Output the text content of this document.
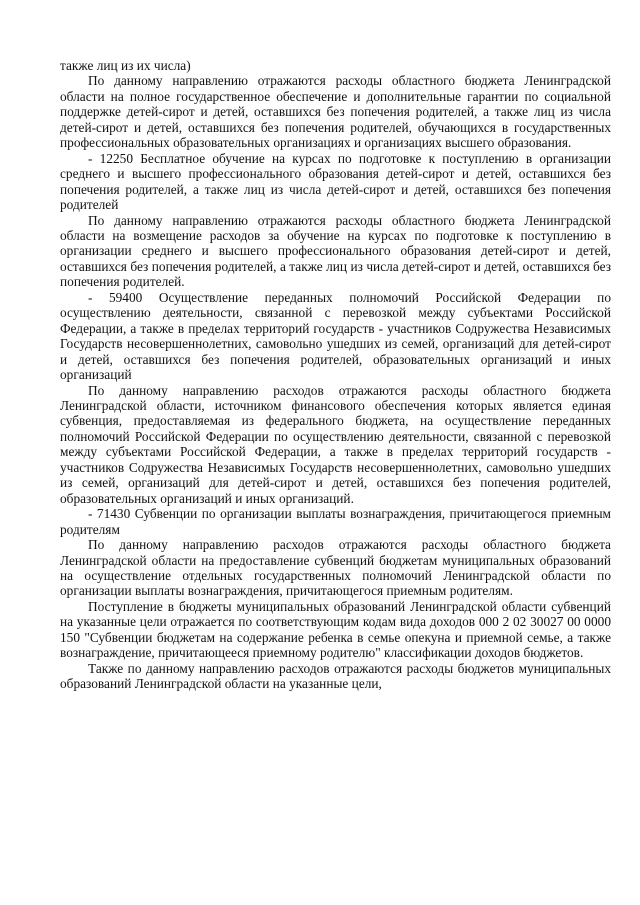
также лиц из их числа)

По данному направлению отражаются расходы областного бюджета Ленинградской области на полное государственное обеспечение и дополнительные гарантии по социальной поддержке детей-сирот и детей, оставшихся без попечения родителей, а также лиц из числа детей-сирот и детей, оставшихся без попечения родителей, обучающихся в государственных профессиональных образовательных организациях и организациях высшего образования.

- 12250 Бесплатное обучение на курсах по подготовке к поступлению в организации среднего и высшего профессионального образования детей-сирот и детей, оставшихся без попечения родителей, а также лиц из числа детей-сирот и детей, оставшихся без попечения родителей

По данному направлению отражаются расходы областного бюджета Ленинградской области на возмещение расходов за обучение на курсах по подготовке к поступлению в организации среднего и высшего профессионального образования детей-сирот и детей, оставшихся без попечения родителей, а также лиц из числа детей-сирот и детей, оставшихся без попечения родителей.

- 59400 Осуществление переданных полномочий Российской Федерации по осуществлению деятельности, связанной с перевозкой между субъектами Российской Федерации, а также в пределах территорий государств - участников Содружества Независимых Государств несовершеннолетних, самовольно ушедших из семей, организаций для детей-сирот и детей, оставшихся без попечения родителей, образовательных организаций и иных организаций

По данному направлению расходов отражаются расходы областного бюджета Ленинградской области, источником финансового обеспечения которых является единая субвенция, предоставляемая из федерального бюджета, на осуществление переданных полномочий Российской Федерации по осуществлению деятельности, связанной с перевозкой между субъектами Российской Федерации, а также в пределах территорий государств - участников Содружества Независимых Государств несовершеннолетних, самовольно ушедших из семей, организаций для детей-сирот и детей, оставшихся без попечения родителей, образовательных организаций и иных организаций.

- 71430 Субвенции по организации выплаты вознаграждения, причитающегося приемным родителям

По данному направлению расходов отражаются расходы областного бюджета Ленинградской области на предоставление субвенций бюджетам муниципальных образований на осуществление отдельных государственных полномочий Ленинградской области по организации выплаты вознаграждения, причитающегося приемным родителям.

Поступление в бюджеты муниципальных образований Ленинградской области субвенций на указанные цели отражается по соответствующим кодам вида доходов 000 2 02 30027 00 0000 150 "Субвенции бюджетам на содержание ребенка в семье опекуна и приемной семье, а также вознаграждение, причитающееся приемному родителю" классификации доходов бюджетов.

Также по данному направлению расходов отражаются расходы бюджетов муниципальных образований Ленинградской области на указанные цели,
